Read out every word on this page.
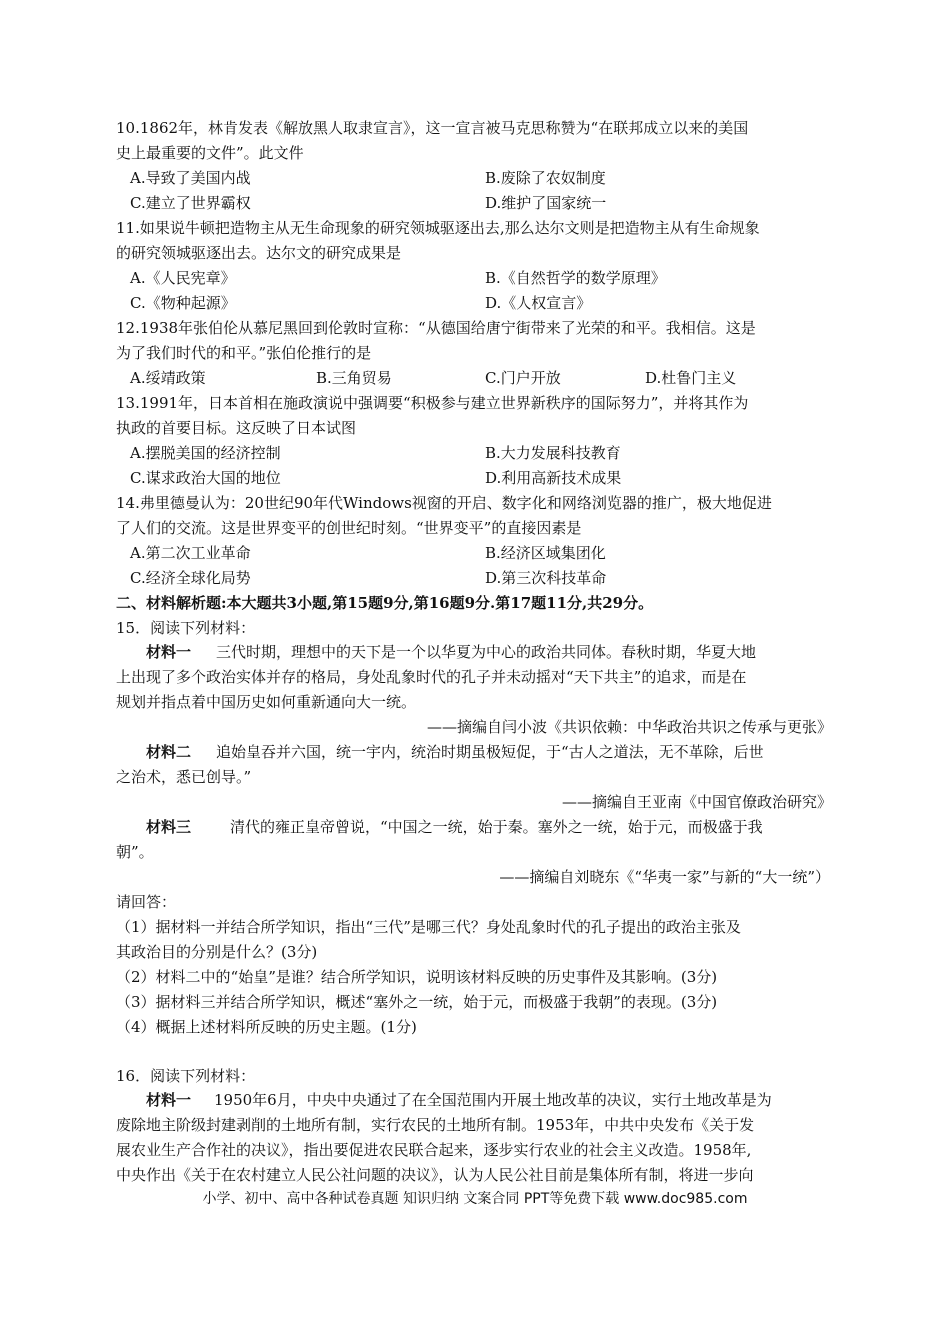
10.1862年，林肯发表《解放黑人取隶宣言》，这一宣言被马克思称赞为“在联邦成立以来的美国
史上最重要的文件”。此文件
A.导致了美国内战	B.废除了农奴制度
C.建立了世界霸权	D.维护了国家统一
11.如果说牛顿把造物主从无生命现象的研究领城驱逐出去,那么达尔文则是把造物主从有生命规象
的研究领城驱逐出去。达尔文的研究成果是
A.《人民宪章》	B.《自然哲学的数学原理》
C.《物种起源》	D.《人权宣言》
12.1938年张伯伦从慕尼黑回到伦敦时宣称：“从德国给唐宁街带来了光荣的和平。我相信。这是
为了我们时代的和平。”张伯伦推行的是
A.绥靖政策	B.三角贸易	C.门户开放	D.杜鲁门主义
13.1991年，日本首相在施政演说中强调要“积极参与建立世界新秩序的国际努力”，并将其作为
执政的首要目标。这反映了日本试图
A.摆脱美国的经济控制	B.大力发展科技教育
C.谋求政治大国的地位	D.利用高新技术成果
14.弗里德曼认为：20世纪90年代Windows视窗的开启、数字化和网络浏览器的推广，极大地促进
了人们的交流。这是世界变平的创世纪时刻。“世界变平”的直接因素是
A.第二次工业革命	B.经济区域集团化
C.经济全球化局势	D.第三次科技革命
二、材料解析题:本大题共3小题,第15题9分,第16题9分.第17题11分,共29分。
15．阅读下列材料：
材料一 三代时期，理想中的天下是一个以华夏为中心的政治共同体。春秋时期，华夏大地
上出现了多个政治实体并存的格局，身处乱象时代的孔子并未动摇对“天下共主”的追求，而是在
规划并指点着中国历史如何重新通向大一统。
——摘编自闫小波《共识依赖：中华政治共识之传承与更张》
材料二 追始皇吞并六国，统一宇内，统治时期虽极短促，于“古人之道法，无不革除，后世
之治术，悉已创导。”
——摘编自王亚南《中国官僚政治研究》
材料三	清代的雍正皇帝曾说，“中国之一统，始于秦。塞外之一统，始于元，而极盛于我
朝”。
——摘编自刘晓东《“华夷一家”与新的“大一统”）
请回答：
（1）据材料一并结合所学知识，指出“三代”是哪三代？身处乱象时代的孔子提出的政治主张及
其政治目的分别是什么？(3分)
（2）材料二中的“始皇”是谁？结合所学知识，说明该材料反映的历史事件及其影响。(3分)
（3）据材料三并结合所学知识，概述“塞外之一统，始于元，而极盛于我朝”的表现。(3分)
（4）概据上述材料所反映的历史主题。(1分)
16．阅读下列材料：
材料一 1950年6月，中央中央通过了在全国范围内开展土地改革的决议，实行土地改革是为
废除地主阶级封建剥削的土地所有制，实行农民的土地所有制。1953年，中共中央发布《关于发
展农业生产合作社的决议》，指出要促进农民联合起来，逐步实行农业的社会主义改造。1958年,
中央作出《关于在农村建立人民公社问题的决议》，认为人民公社目前是集体所有制，将进一步向
小学、初中、高中各种试卷真题 知识归纳 文案合同 PPT等免费下载 www.doc985.com
